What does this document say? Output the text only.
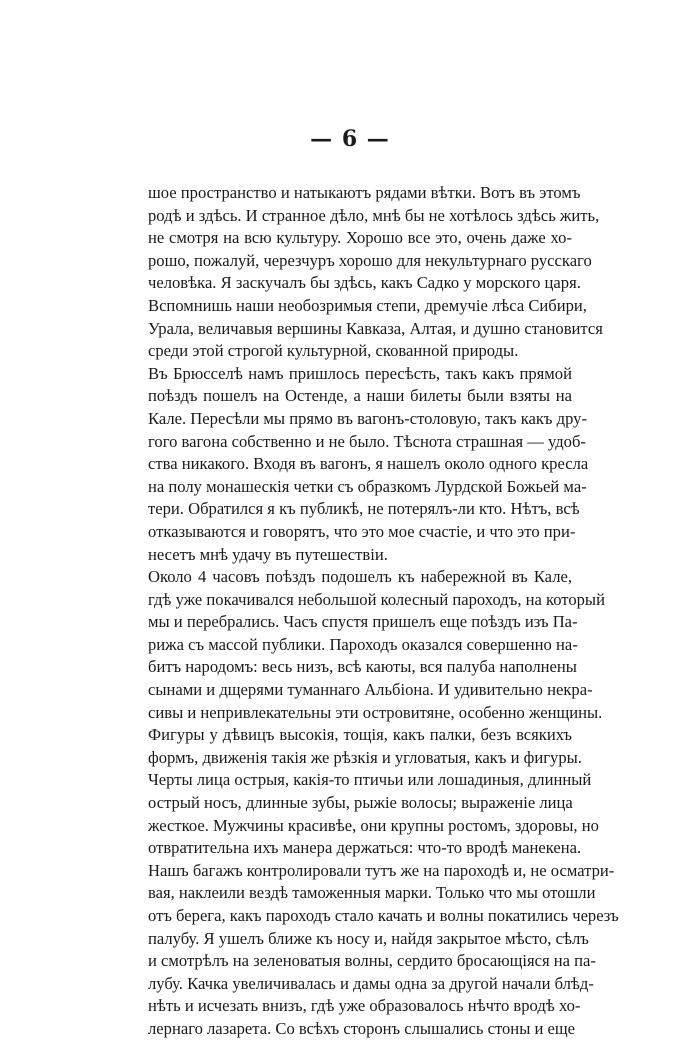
— 6 —
шое пространство и натыкаютъ рядами вѣтки. Вотъ въ этомъ
родѣ и здѣсь. И странное дѣло, мнѣ бы не хотѣлось здѣсь жить,
не смотря на всю культуру. Хорошо все это, очень даже хо-
рошо, пожалуй, черезчуръ хорошо для некультурнаго русскаго
человѣка. Я заскучалъ бы здѣсь, какъ Садко у морского царя.
Вспомнишь наши необозримыя степи, дремучіе лѣса Сибири,
Урала, величавыя вершины Кавказа, Алтая, и душно становится
среди этой строгой культурной, скованной природы.
Въ Брюсселѣ намъ пришлось пересѣсть, такъ какъ прямой
поѣздъ пошелъ на Остенде, а наши билеты были взяты на
Кале. Пересѣли мы прямо въ вагонъ-столовую, такъ какъ дру-
гого вагона собственно и не было. Тѣснота страшная — удоб-
ства никакого. Входя въ вагонъ, я нашелъ около одного кресла
на полу монашескія четки съ образкомъ Лурдской Божьей ма-
тери. Обратился я къ публикѣ, не потерялъ-ли кто. Нѣтъ, всѣ
отказываются и говорятъ, что это мое счастіе, и что это при-
несетъ мнѣ удачу въ путешествіи.
Около 4 часовъ поѣздъ подошелъ къ набережной въ Кале,
гдѣ уже покачивался небольшой колесный пароходъ, на который
мы и перебрались. Часъ спустя пришелъ еще поѣздъ изъ Па-
рижа съ массой публики. Пароходъ оказался совершенно на-
битъ народомъ: весь низъ, всѣ каюты, вся палуба наполнены
сынами и дщерями туманнаго Альбіона. И удивительно некра-
сивы и непривлекательны эти островитяне, особенно женщины.
Фигуры у дѣвицъ высокія, тощія, какъ палки, безъ всякихъ
формъ, движенія такія же рѣзкія и угловатыя, какъ и фигуры.
Черты лица острыя, какія-то птичьи или лошадиныя, длинный
острый носъ, длинные зубы, рыжіе волосы; выраженіе лица
жесткое. Мужчины красивѣе, они крупны ростомъ, здоровы, но
отвратительна ихъ манера держаться: что-то вродѣ манекена.
Нашъ багажъ контролировали тутъ же на пароходѣ и, не осматри-
вая, наклеили вездѣ таможенныя марки. Только что мы отошли
отъ берега, какъ пароходъ стало качать и волны покатились черезъ
палубу. Я ушелъ ближе къ носу и, найдя закрытое мѣсто, сѣлъ
и смотрѣлъ на зеленоватыя волны, сердито бросающіяся на па-
лубу. Качка увеличивалась и дамы одна за другой начали блѣд-
нѣть и исчезать внизъ, гдѣ уже образовалось нѣчто вродѣ хо-
лернаго лазарета. Со всѣхъ сторонъ слышались стоны и еще
